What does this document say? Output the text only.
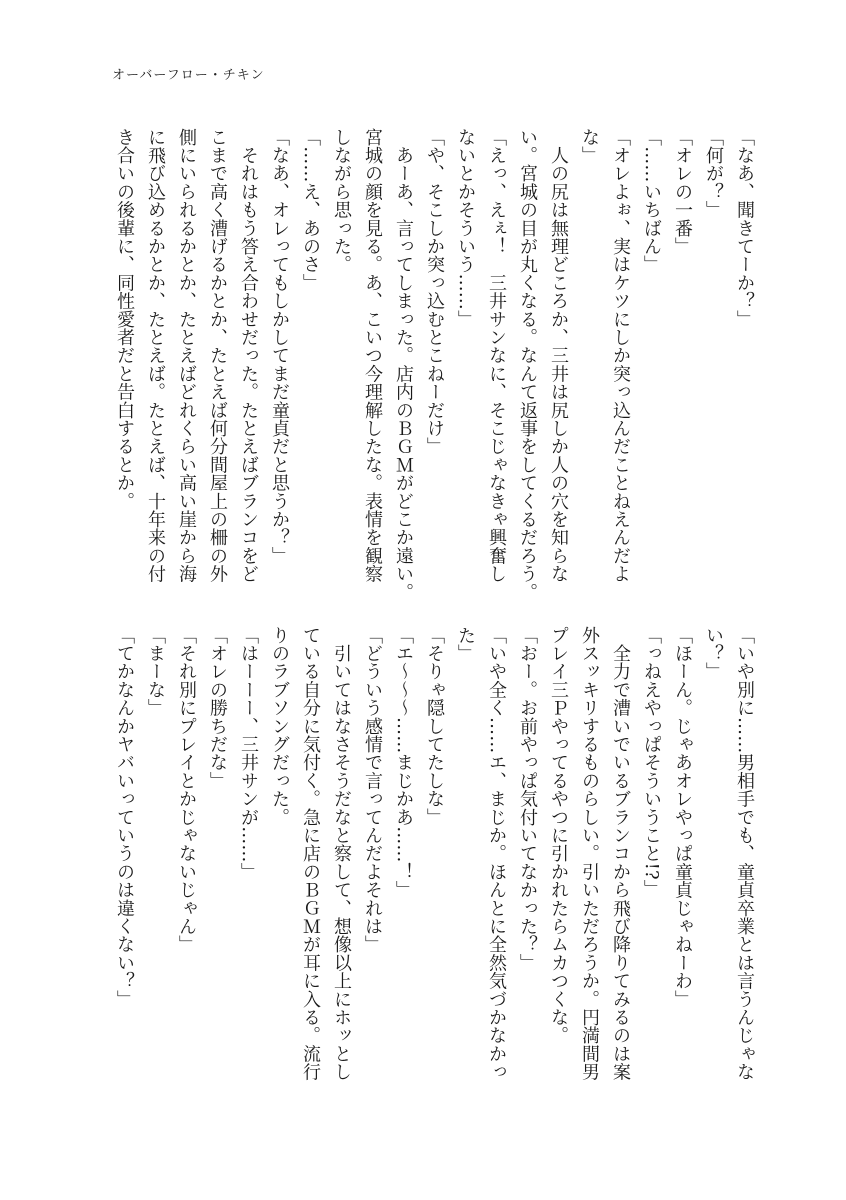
オーバーフロー・チキン
「なあ、聞きてーか？」
「何が？」
「オレの一番」
「……いちばん」
「オレよぉ、実はケツにしか突っ込んだことねえんだよ
な」
　人の尻は無理どころか、三井は尻しか人の穴を知らな
い。宮城の目が丸くなる。なんて返事をしてくるだろう。
「えっ、えぇ！　三井サンなに、そこじゃなきゃ興奮し
ないとかそういう……」
「や、そこしか突っ込むとこねーだけ」
　あーあ、言ってしまった。店内のＢＧＭがどこか遠い。
宮城の顔を見る。あ、こいつ今理解したな。表情を観察
しながら思った。
「……え、あのさ」
「なあ、オレってもしかしてまだ童貞だと思うか？」
　それはもう答え合わせだった。たとえばブランコをど
こまで高く漕げるかとか、たとえば何分間屋上の柵の外
側にいられるかとか、たとえばどれくらい高い崖から海
に飛び込めるかとか、たとえば。たとえば、十年来の付
き合いの後輩に、同性愛者だと告白するとか。
「いや別に……男相手でも、童貞卒業とは言うんじゃな
い？」
「ほーん。じゃあオレやっぱ童貞じゃねーわ」
「っねえやっぱそういうこと!?」
　全力で漕いでいるブランコから飛び降りてみるのは案
外スッキリするものらしい。引いただろうか。円満間男
プレイ三Ｐやってるやつに引かれたらムカつくな。
「おー。お前やっぱ気付いてなかった？」
「いや全く……エ、まじか。ほんとに全然気づかなかっ
た」
「そりゃ隠してたしな」
「エ〜〜〜……まじかあ……！」
「どういう感情で言ってんだよそれは」
　引いてはなさそうだなと察して、想像以上にホッとし
ている自分に気付く。急に店のＢＧＭが耳に入る。流行
りのラブソングだった。
「はーーー、三井サンが……」
「オレの勝ちだな」
「それ別にプレイとかじゃないじゃん」
「まーな」
「てかなんかヤバいっていうのは違くない？」
